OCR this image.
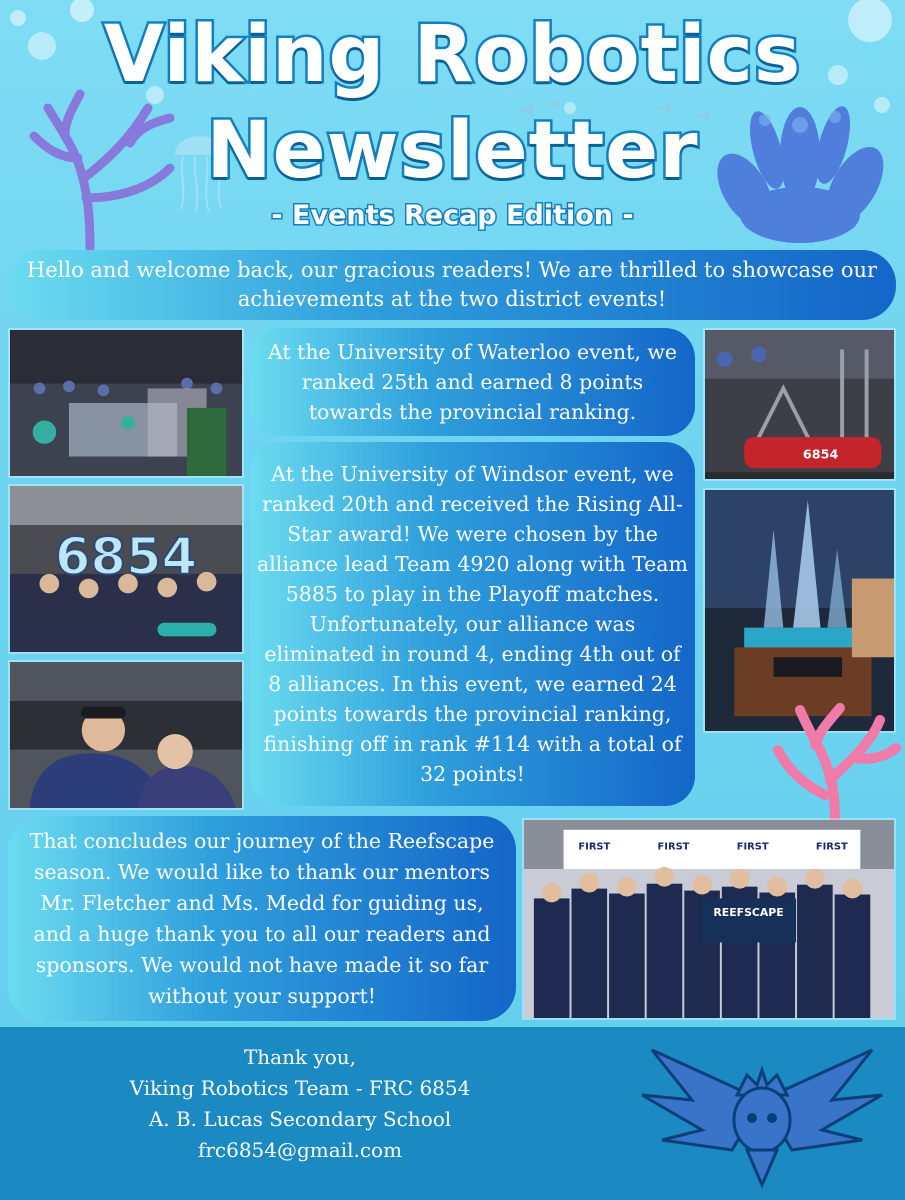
Viking Robotics
Newsletter
- Events Recap Edition -

Hello and welcome back, our gracious readers! We are thrilled to showcase our achievements at the two district events!

At the University of Waterloo event, we ranked 25th and earned 8 points towards the provincial ranking.

At the University of Windsor event, we ranked 20th and received the Rising All-Star award! We were chosen by the alliance lead Team 4920 along with Team 5885 to play in the Playoff matches. Unfortunately, our alliance was eliminated in round 4, ending 4th out of 8 alliances. In this event, we earned 24 points towards the provincial ranking, finishing off in rank #114 with a total of 32 points!

That concludes our journey of the Reefscape season. We would like to thank our mentors Mr. Fletcher and Ms. Medd for guiding us, and a huge thank you to all our readers and sponsors. We would not have made it so far without your support!

6854
6854
FIRST	FIRST	FIRST	FIRST
REEFSCAPE
Thank you,
Viking Robotics Team - FRC 6854
A. B. Lucas Secondary School
frc6854@gmail.com
